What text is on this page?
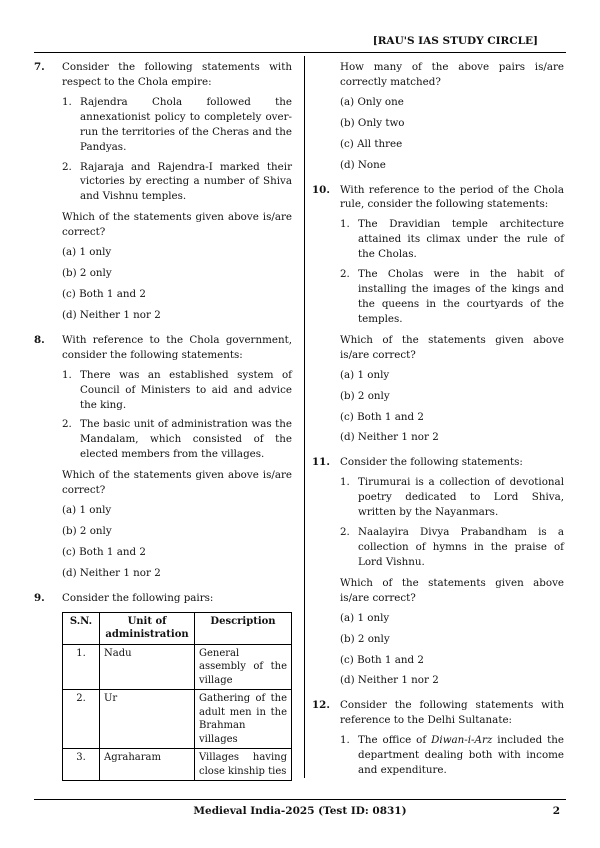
[RAU'S IAS STUDY CIRCLE]
7.	Consider the following statements with respect to the Chola empire:

1. Rajendra Chola followed the annexationist policy to completely over-run the territories of the Cheras and the Pandyas.
2. Rajaraja and Rajendra-I marked their victories by erecting a number of Shiva and Vishnu temples.

Which of the statements given above is/are correct?

(a) 1 only
(b) 2 only
(c) Both 1 and 2
(d) Neither 1 nor 2
8.	With reference to the Chola government, consider the following statements:

1. There was an established system of Council of Ministers to aid and advice the king.
2. The basic unit of administration was the Mandalam, which consisted of the elected members from the villages.

Which of the statements given above is/are correct?

(a) 1 only
(b) 2 only
(c) Both 1 and 2
(d) Neither 1 nor 2
9.	Consider the following pairs:

S.N.	Unit of administration	Description
1.	Nadu	General assembly of the village
2.	Ur	Gathering of the adult men in the Brahman villages
3.	Agraharam	Villages having close kinship ties

How many of the above pairs is/are correctly matched?

(a) Only one
(b) Only two
(c) All three
(d) None
10. With reference to the period of the Chola rule, consider the following statements:

1. The Dravidian temple architecture attained its climax under the rule of the Cholas.
2. The Cholas were in the habit of installing the images of the kings and the queens in the courtyards of the temples.

Which of the statements given above is/are correct?

(a) 1 only
(b) 2 only
(c) Both 1 and 2
(d) Neither 1 nor 2
11. Consider the following statements:

1. Tirumurai is a collection of devotional poetry dedicated to Lord Shiva, written by the Nayanmars.
2. Naalayira Divya Prabandham is a collection of hymns in the praise of Lord Vishnu.

Which of the statements given above is/are correct?

(a) 1 only
(b) 2 only
(c) Both 1 and 2
(d) Neither 1 nor 2
12. Consider the following statements with reference to the Delhi Sultanate:

1. The office of Diwan-i-Arz included the department dealing both with income and expenditure.
Medieval India-2025 (Test ID: 0831)	2
